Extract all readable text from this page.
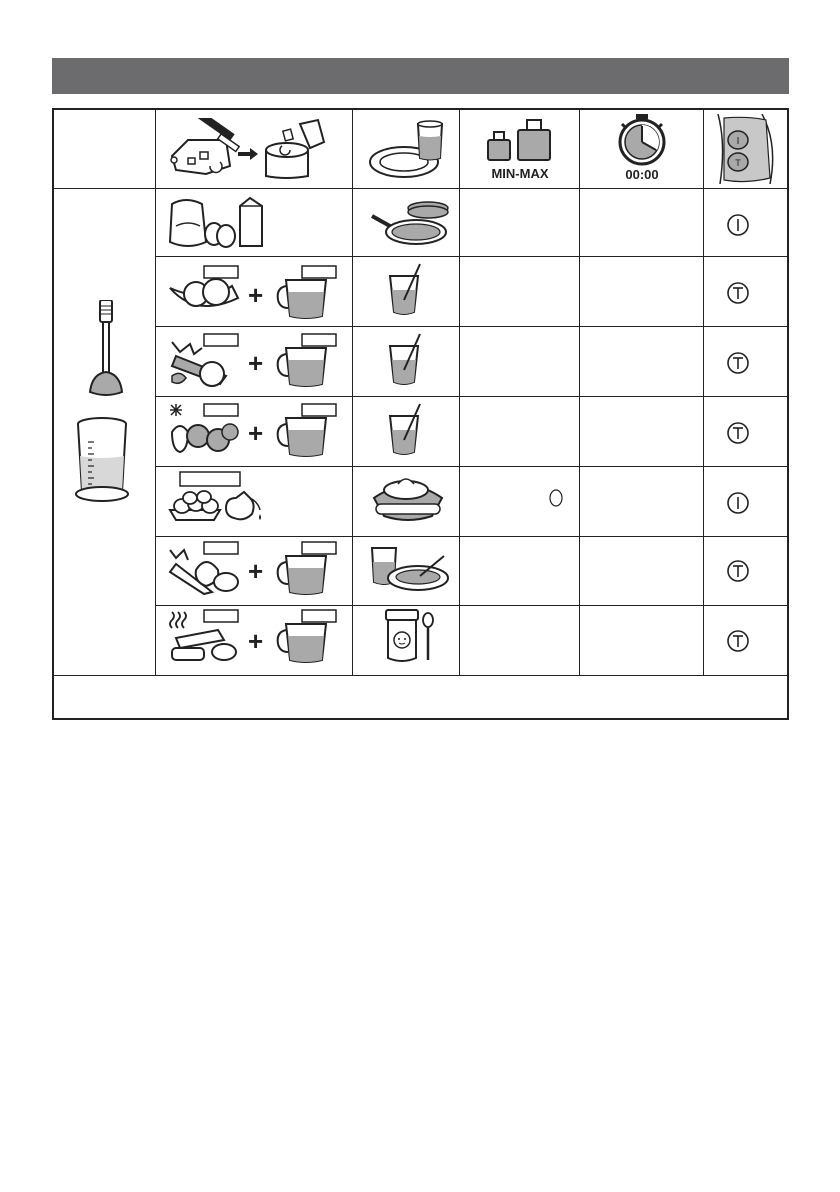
MIN-MAX	00:00
I
T
+
+
+
+
+
